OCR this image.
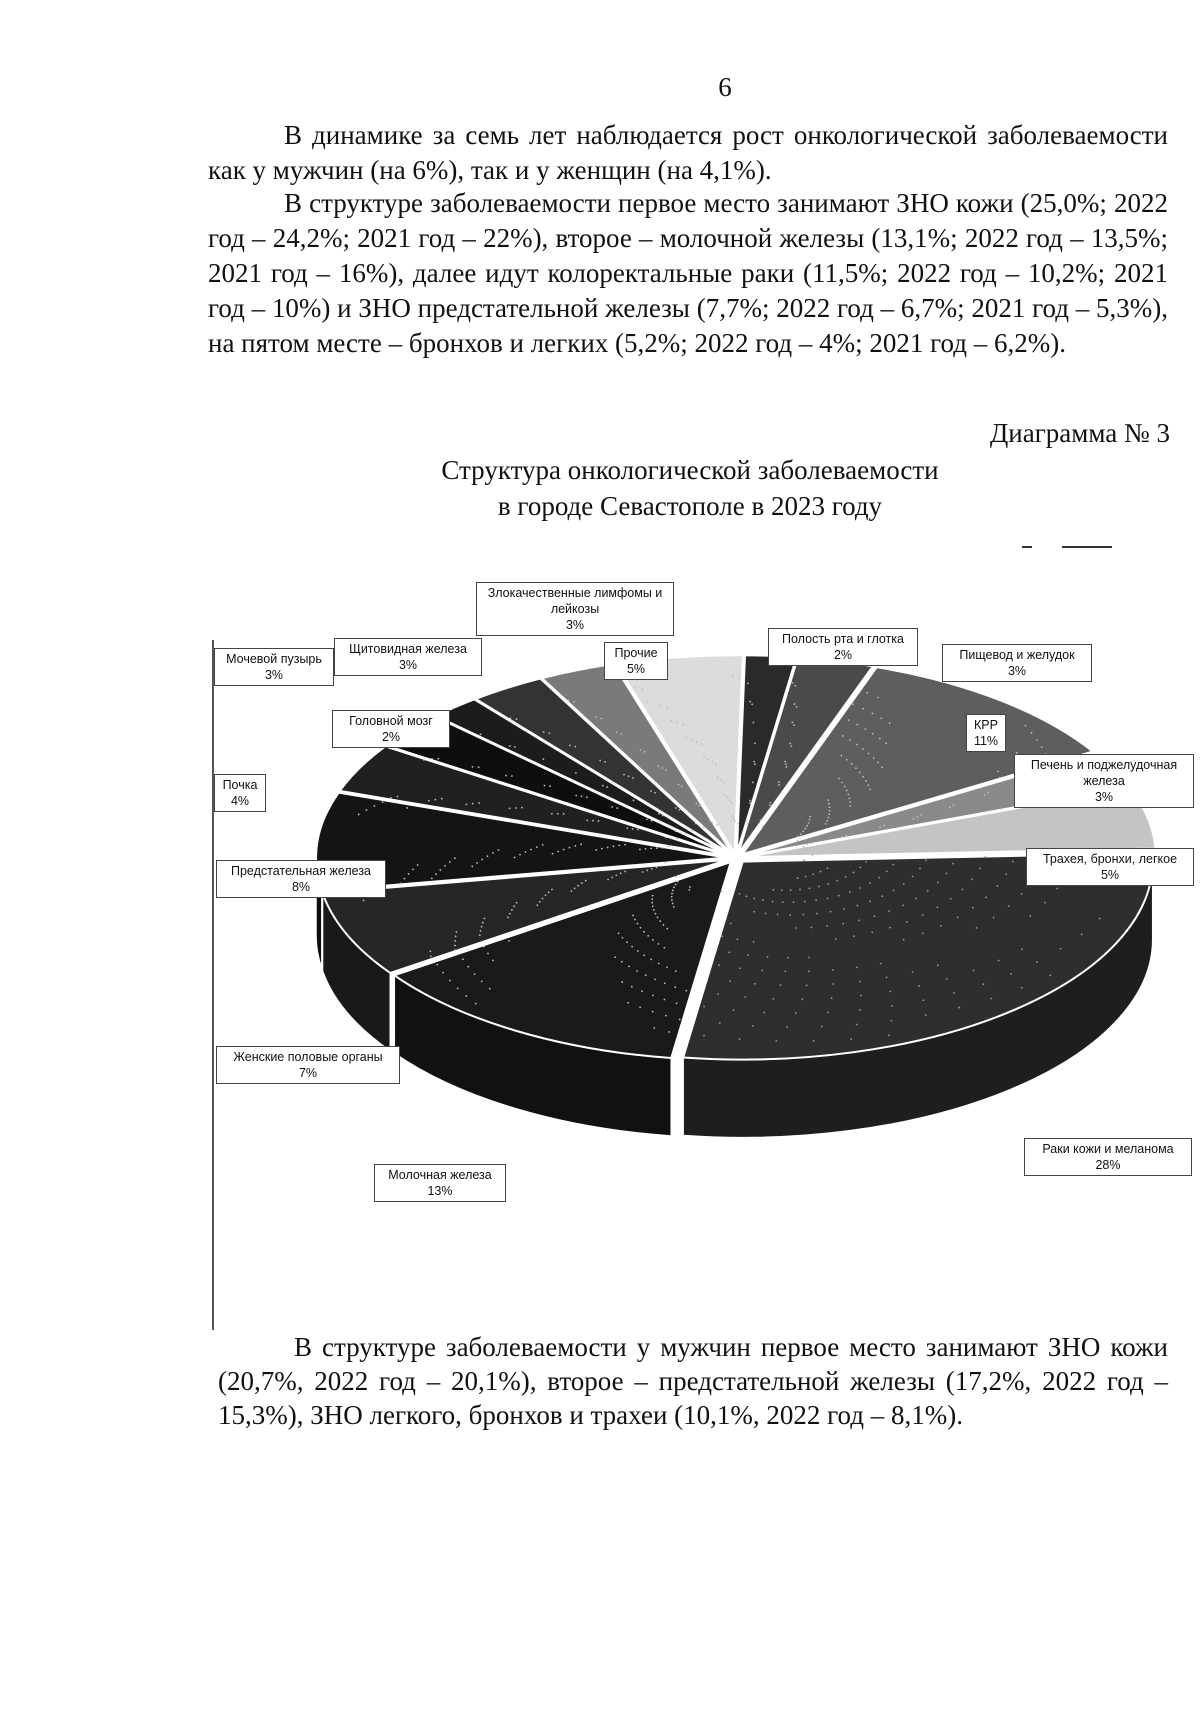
6

В динамике за семь лет наблюдается рост онкологической заболеваемости как у мужчин (на 6%), так и у женщин (на 4,1%).

В структуре заболеваемости первое место занимают ЗНО кожи (25,0%; 2022 год – 24,2%; 2021 год – 22%), второе – молочной железы (13,1%; 2022 год – 13,5%; 2021 год – 16%), далее идут колоректальные раки (11,5%; 2022 год – 10,2%; 2021 год – 10%) и ЗНО предстательной железы (7,7%; 2022 год – 6,7%; 2021 год – 5,3%), на пятом месте – бронхов и легких (5,2%; 2022 год – 4%; 2021 год – 6,2%).

Диаграмма № 3
Структура онкологической заболеваемости
в городе Севастополе в 2023 году
Полость рта и глотка
2%	Пищевод и желудок
3%
КРР
11%
Печень и поджелудочная железа
3%
Трахея, бронхи, легкое
5%
Раки кожи и меланома
28%
Молочная железа
13%
Женские половые органы
7%
Предстательная железа
8%
Почка
4%
Мочевой пузырь
3%
Головной мозг
2%
Щитовидная железа
3%
Злокачественные лимфомы и лейкозы
3%
Прочие
5%

В структуре заболеваемости у мужчин первое место занимают ЗНО кожи (20,7%, 2022 год – 20,1%), второе – предстательной железы (17,2%, 2022 год – 15,3%), ЗНО легкого, бронхов и трахеи (10,1%, 2022 год – 8,1%).
